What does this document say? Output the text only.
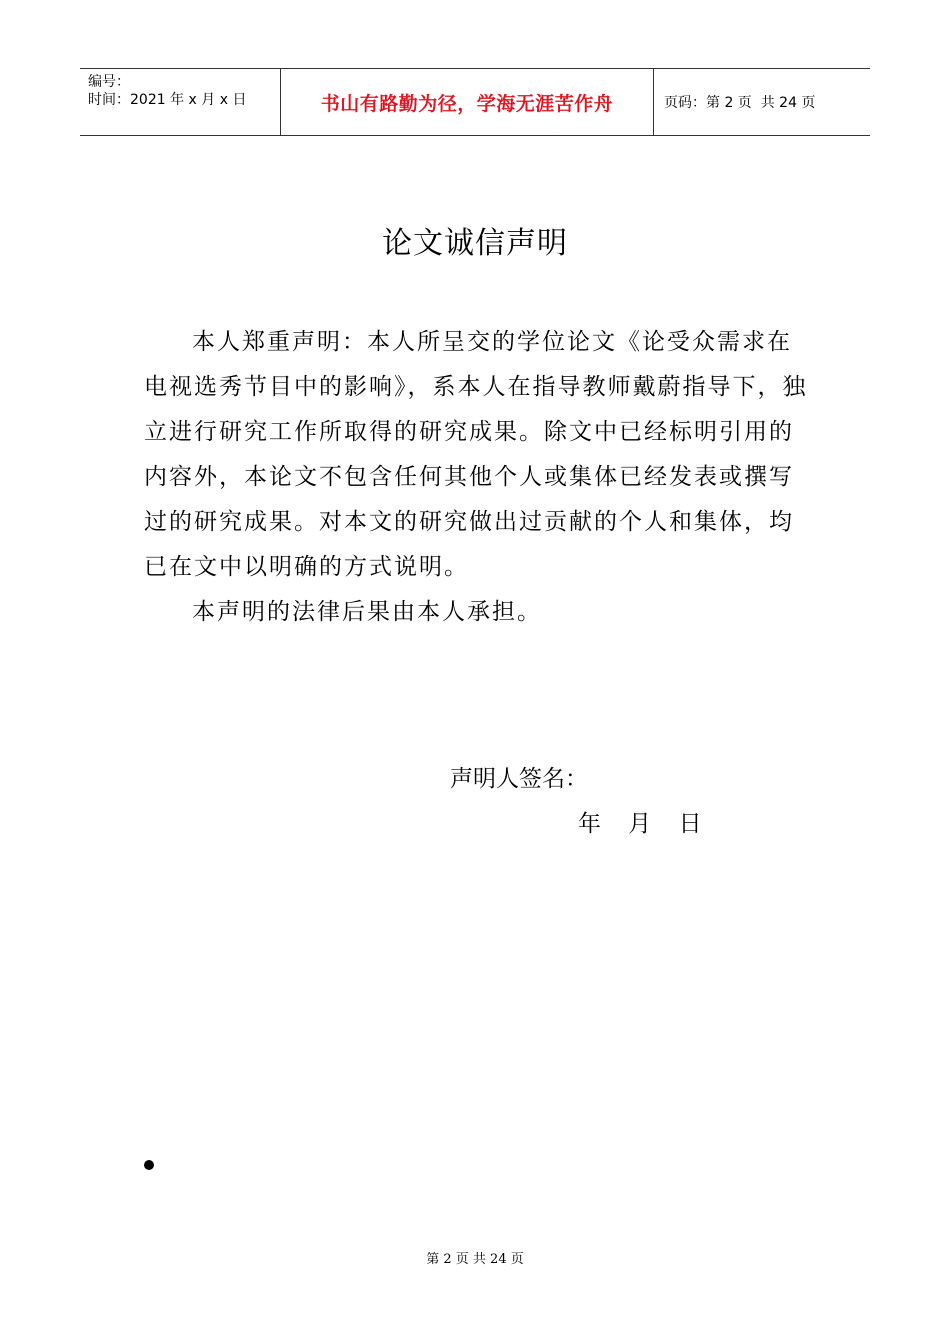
编号：
时间：2021 年 x 月 x 日	书山有路勤为径，学海无涯苦作舟	页码：第 2 页  共 24 页
论文诚信声明

本人郑重声明：本人所呈交的学位论文《论受众需求在电视选秀节目中的影响》，系本人在指导教师戴蔚指导下，独立进行研究工作所取得的研究成果。除文中已经标明引用的内容外，本论文不包含任何其他个人或集体已经发表或撰写过的研究成果。对本文的研究做出过贡献的个人和集体，均已在文中以明确的方式说明。

本声明的法律后果由本人承担。

声明人签名：
年 月 日
第 2 页 共 24 页
